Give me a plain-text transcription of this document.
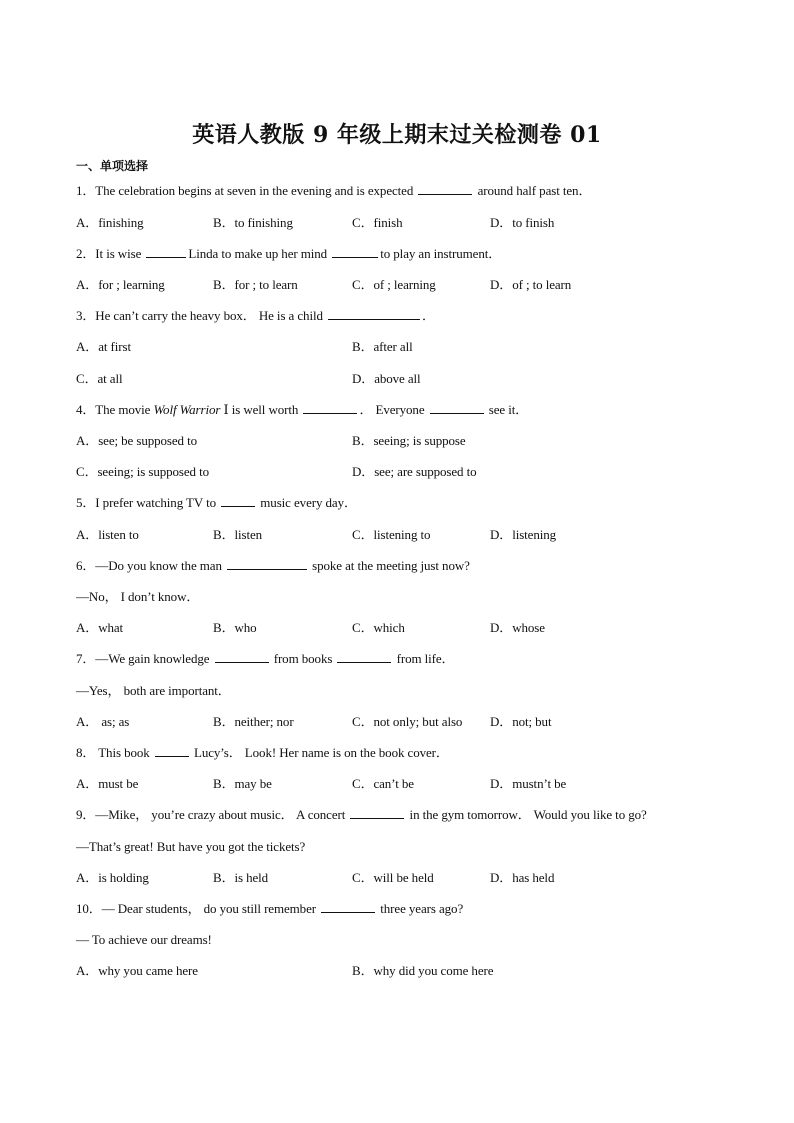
英语人教版 9 年级上期末过关检测卷 01
一、单项选择
1．The celebration begins at seven in the evening and is expected	around half past ten．
A．finishing	B．to finishing	C．finish	D．to finish
2．It is wise	Linda to make up her mind	to play an instrument．
A．for ; learning	B．for ; to learn	C．of ; learning	D．of ; to learn
3．He can’t carry the heavy box． He is a child	．
A．at first	B．after all
C．at all	D．above all
4．The movie Wolf Warrior Ⅰ is well worth	． Everyone	see it．
A．see; be supposed to	B．seeing; is suppose
C．seeing; is supposed to	D．see; are supposed to
5．I prefer watching TV to	music every day．
A．listen to	B．listen	C．listening to	D．listening
6．—Do you know the man	spoke at the meeting just now?
—No， I don’t know．
A．what	B．who	C．which	D．whose
7．—We gain knowledge	from books	from life．
—Yes， both are important．
A． as; as	B．neither; nor	C．not only; but also D．not; but
8． This book	Lucy’s． Look! Her name is on the book cover．
A．must be	B．may be	C．can’t be	D．mustn’t be
9．—Mike， you’re crazy about music． A concert	in the gym tomorrow． Would you like to go?
—That’s great! But have you got the tickets?
A．is holding	B．is held	C．will be held	D．has held
10．— Dear students， do you still remember	three years ago?
— To achieve our dreams!
A．why you came here	B．why did you come here
